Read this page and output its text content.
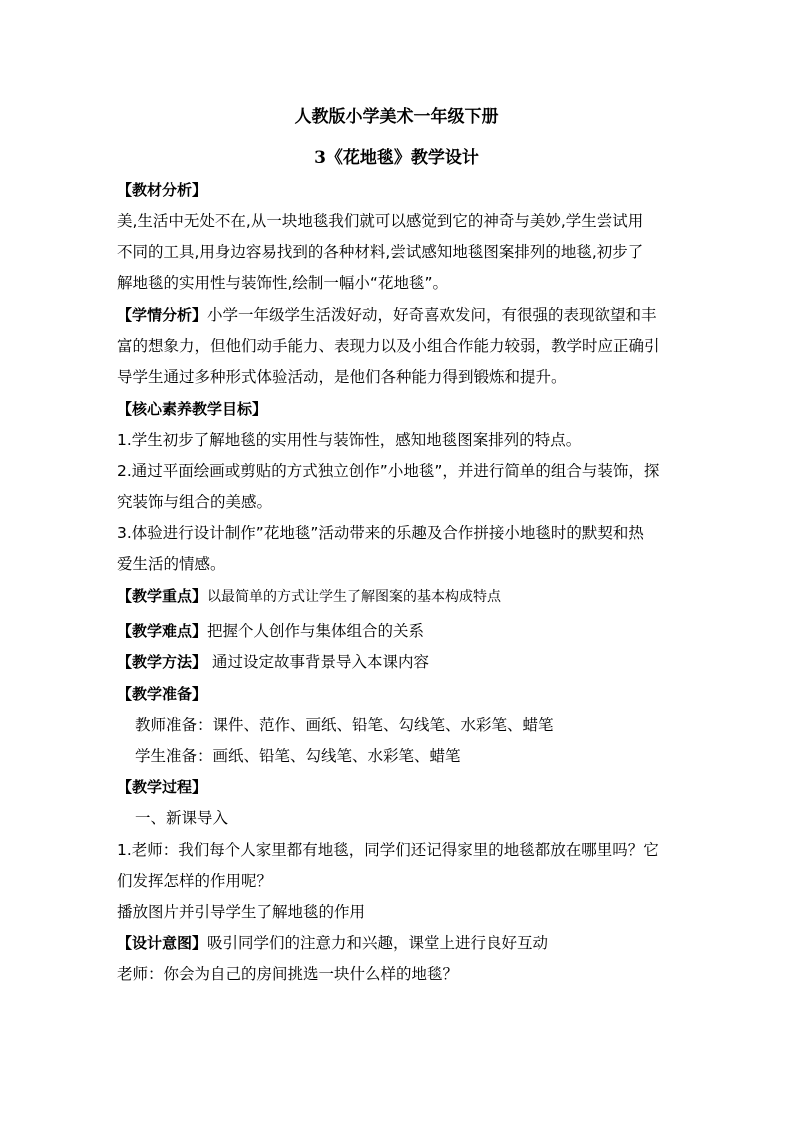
人教版小学美术一年级下册
3《花地毯》教学设计
【教材分析】
美,生活中无处不在,从一块地毯我们就可以感觉到它的神奇与美妙,学生尝试用
不同的工具,用身边容易找到的各种材料,尝试感知地毯图案排列的地毯,初步了
解地毯的实用性与装饰性,绘制一幅小“花地毯”。
【学情分析】小学一年级学生活泼好动，好奇喜欢发问，有很强的表现欲望和丰
富的想象力，但他们动手能力、表现力以及小组合作能力较弱，教学时应正确引
导学生通过多种形式体验活动，是他们各种能力得到锻炼和提升。
【核心素养教学目标】
1.学生初步了解地毯的实用性与装饰性，感知地毯图案排列的特点。
2.通过平面绘画或剪贴的方式独立创作”小地毯”，并进行简单的组合与装饰，探
究装饰与组合的美感。
3.体验进行设计制作”花地毯”活动带来的乐趣及合作拼接小地毯时的默契和热
爱生活的情感。
【教学重点】以最简单的方式让学生了解图案的基本构成特点
【教学难点】把握个人创作与集体组合的关系
【教学方法】 通过设定故事背景导入本课内容
【教学准备】
教师准备：课件、范作、画纸、铅笔、勾线笔、水彩笔、蜡笔
学生准备：画纸、铅笔、勾线笔、水彩笔、蜡笔
【教学过程】
一、新课导入
1.老师：我们每个人家里都有地毯，同学们还记得家里的地毯都放在哪里吗？它
们发挥怎样的作用呢？
播放图片并引导学生了解地毯的作用
【设计意图】吸引同学们的注意力和兴趣，课堂上进行良好互动
老师：你会为自己的房间挑选一块什么样的地毯？
